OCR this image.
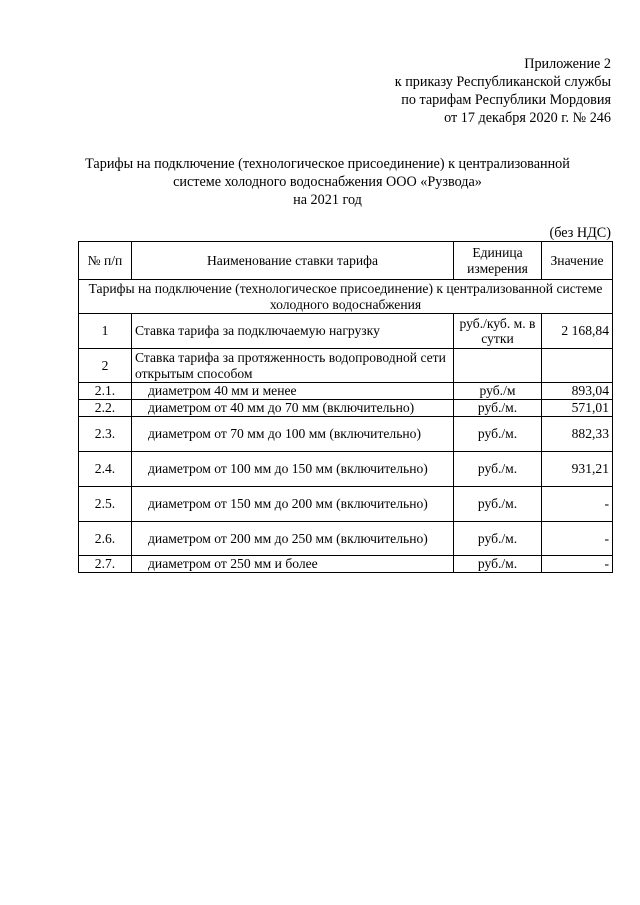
Приложение 2
к приказу Республиканской службы
по тарифам Республики Мордовия
от 17 декабря 2020 г. № 246
Тарифы на подключение (технологическое присоединение) к централизованной
системе холодного водоснабжения ООО «Рузвода»
на 2021 год
(без НДС)
№ п/п	Наименование ставки тарифа	Единица измерения	Значение
Тарифы на подключение (технологическое присоединение) к централизованной системе холодного водоснабжения			
1	Ставка тарифа за подключаемую нагрузку	руб./куб. м. в сутки	2 168,84
2	Ставка тарифа за протяженность водопроводной сети открытым способом		
2.1.	диаметром 40 мм и менее	руб./м	893,04
2.2.	диаметром от 40 мм до 70 мм (включительно)	руб./м.	571,01
2.3.	диаметром от 70 мм до 100 мм (включительно)	руб./м.	882,33
2.4.	диаметром от 100 мм до 150 мм (включительно)	руб./м.	931,21
2.5.	диаметром от 150 мм до 200 мм (включительно)	руб./м.	-
2.6.	диаметром от 200 мм до 250 мм (включительно)	руб./м.	-
2.7.	диаметром от 250 мм и более	руб./м.	-
